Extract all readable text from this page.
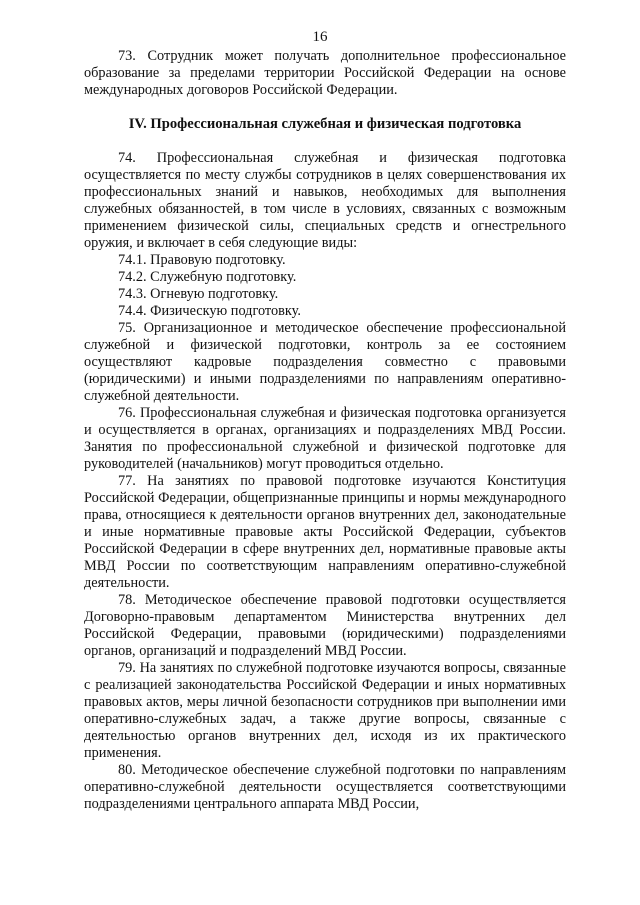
16

73. Сотрудник может получать дополнительное профессиональное образование за пределами территории Российской Федерации на основе международных договоров Российской Федерации.

IV. Профессиональная служебная и физическая подготовка

74. Профессиональная служебная и физическая подготовка осуществляется по месту службы сотрудников в целях совершенствования их профессиональных знаний и навыков, необходимых для выполнения служебных обязанностей, в том числе в условиях, связанных с возможным применением физической силы, специальных средств и огнестрельного оружия, и включает в себя следующие виды:

74.1. Правовую подготовку.

74.2. Служебную подготовку.

74.3. Огневую подготовку.

74.4. Физическую подготовку.

75. Организационное и методическое обеспечение профессиональной служебной и физической подготовки, контроль за ее состоянием осуществляют кадровые подразделения совместно с правовыми (юридическими) и иными подразделениями по направлениям оперативно-служебной деятельности.

76. Профессиональная служебная и физическая подготовка организуется и осуществляется в органах, организациях и подразделениях МВД России. Занятия по профессиональной служебной и физической подготовке для руководителей (начальников) могут проводиться отдельно.

77. На занятиях по правовой подготовке изучаются Конституция Российской Федерации, общепризнанные принципы и нормы международного права, относящиеся к деятельности органов внутренних дел, законодательные и иные нормативные правовые акты Российской Федерации, субъектов Российской Федерации в сфере внутренних дел, нормативные правовые акты МВД России по соответствующим направлениям оперативно-служебной деятельности.

78. Методическое обеспечение правовой подготовки осуществляется Договорно-правовым департаментом Министерства внутренних дел Российской Федерации, правовыми (юридическими) подразделениями органов, организаций и подразделений МВД России.

79. На занятиях по служебной подготовке изучаются вопросы, связанные с реализацией законодательства Российской Федерации и иных нормативных правовых актов, меры личной безопасности сотрудников при выполнении ими оперативно-служебных задач, а также другие вопросы, связанные с деятельностью органов внутренних дел, исходя из их практического применения.

80. Методическое обеспечение служебной подготовки по направлениям оперативно-служебной деятельности осуществляется соответствующими подразделениями центрального аппарата МВД России,
